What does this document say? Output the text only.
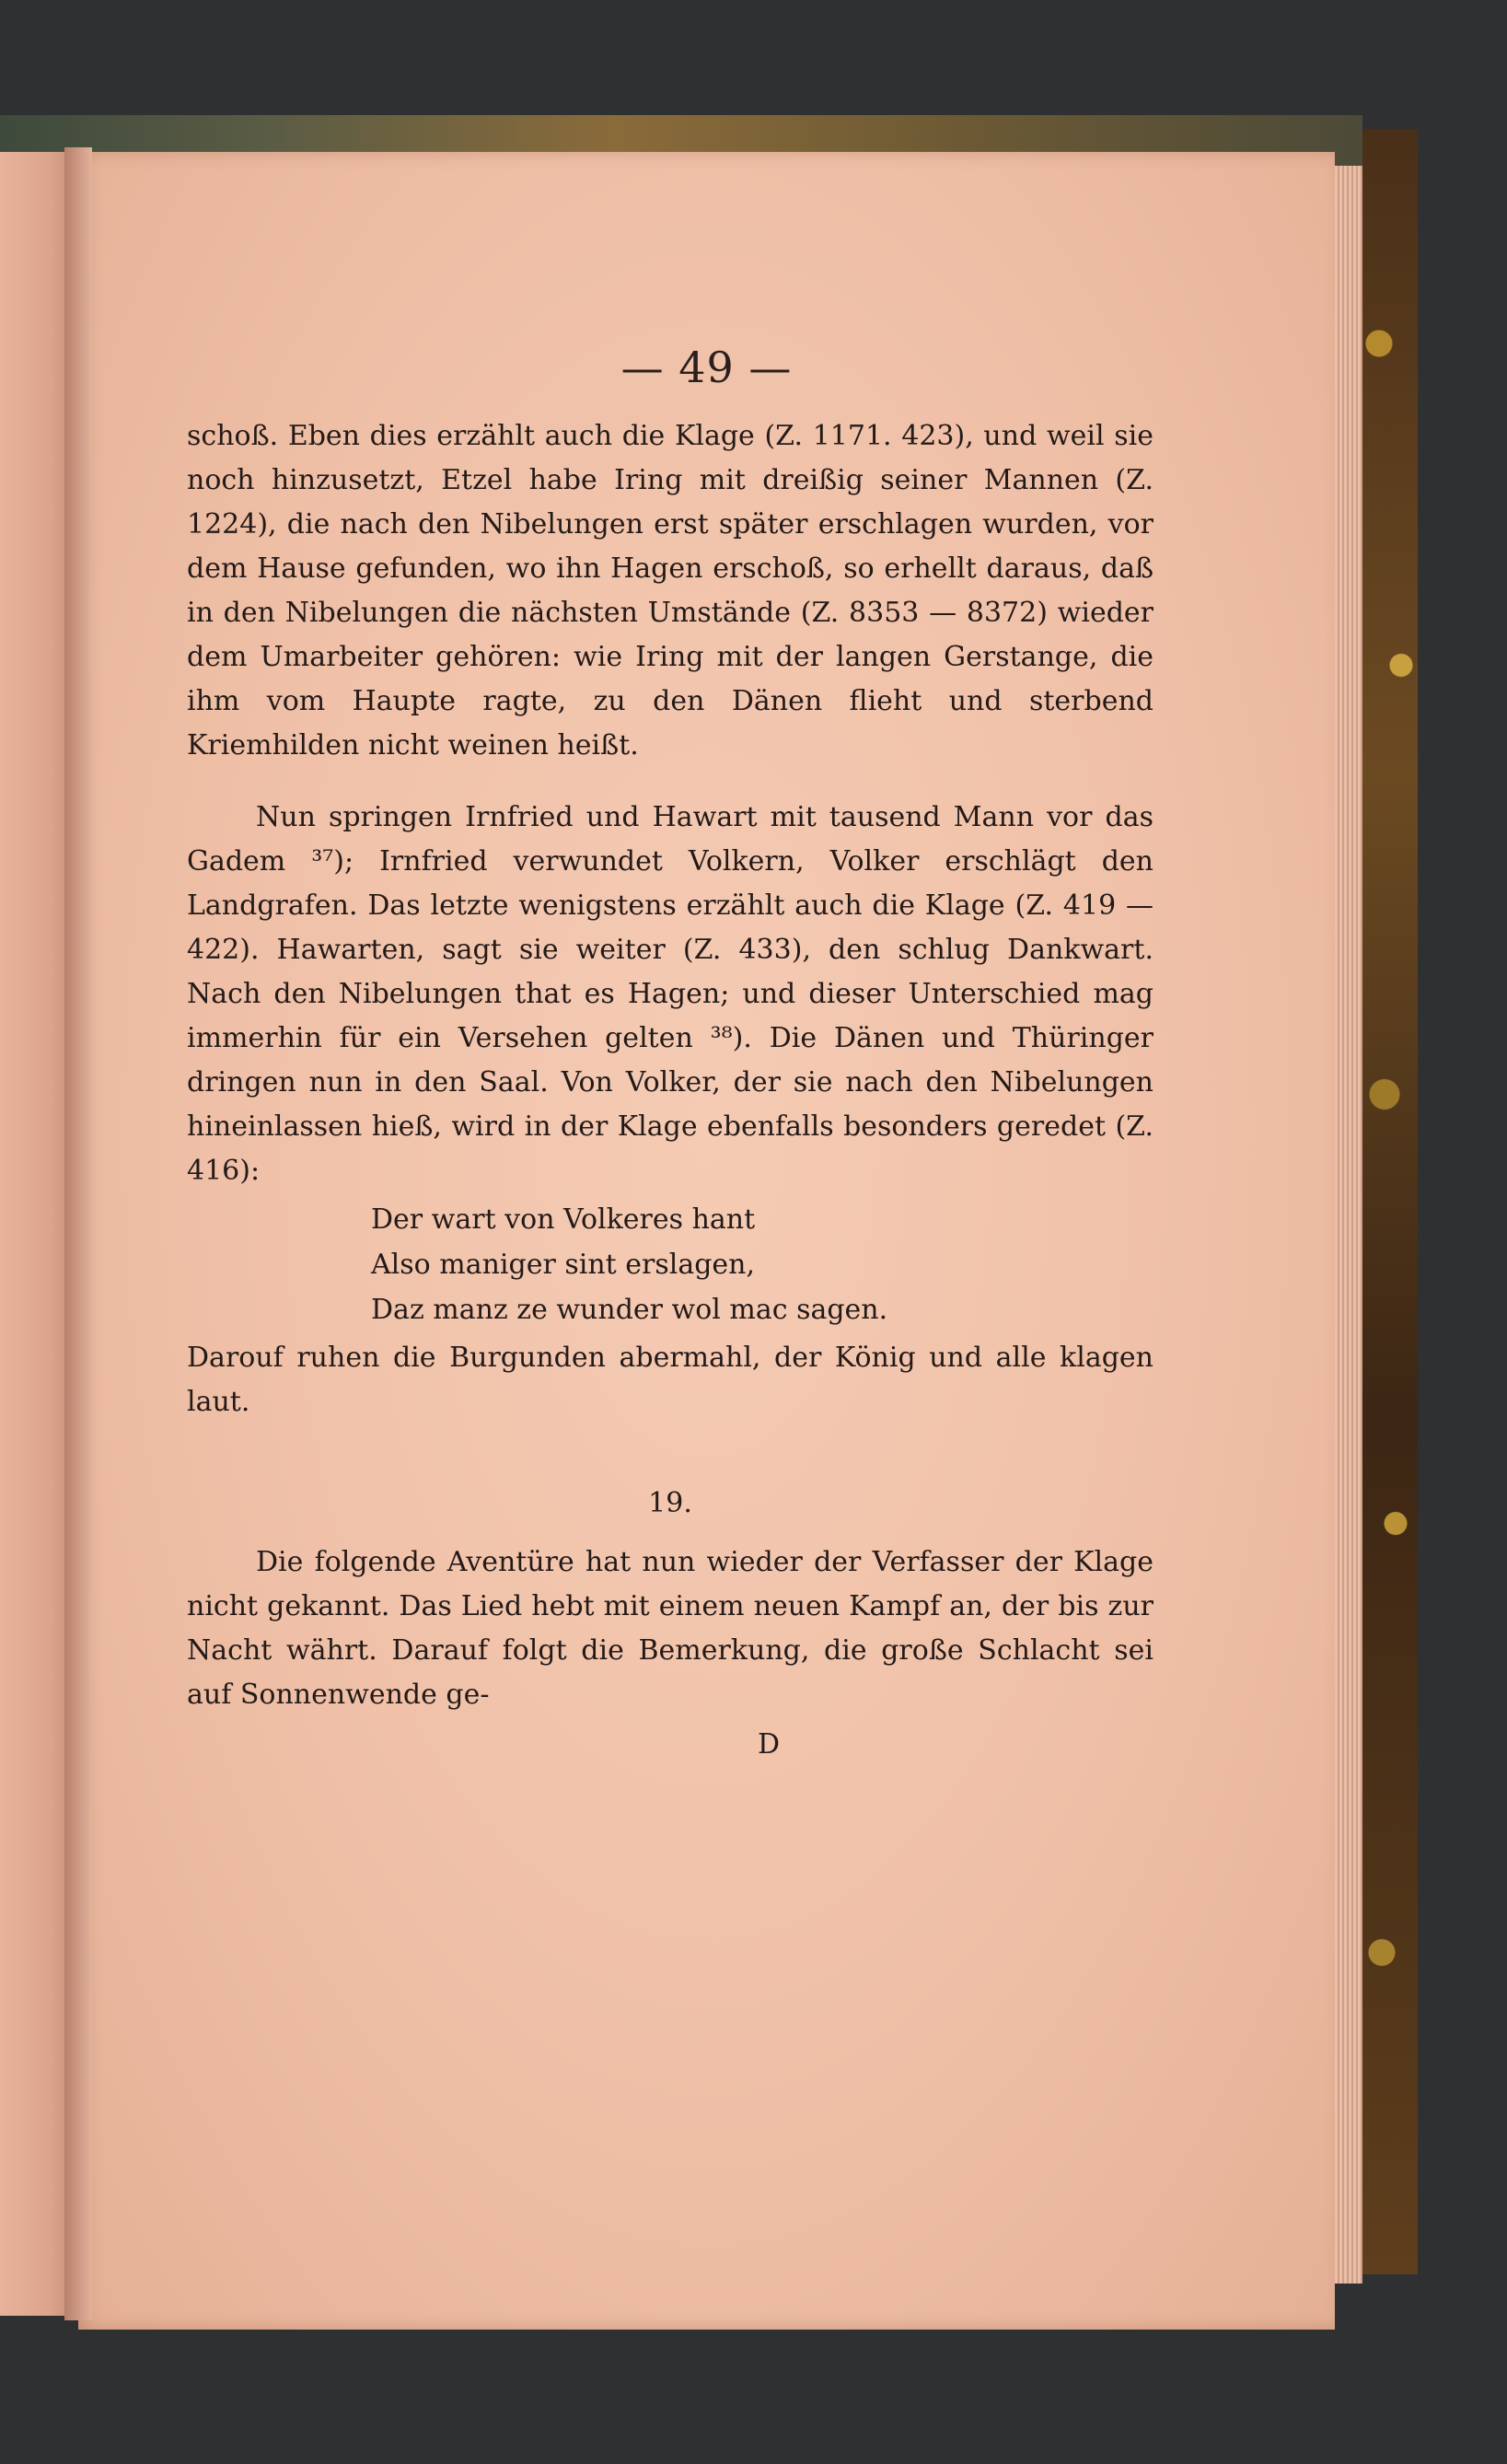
— 49 —

schoß. Eben dies erzählt auch die Klage (Z. 1171. 423), und weil sie noch hinzusetzt, Etzel habe Iring mit dreißig seiner Mannen (Z. 1224), die nach den Nibelungen erst später erschlagen wurden, vor dem Hause gefunden, wo ihn Hagen erschoß, so erhellt daraus, daß in den Nibelungen die nächsten Umstände (Z. 8353 — 8372) wieder dem Umarbeiter gehören: wie Iring mit der langen Gerstange, die ihm vom Haupte ragte, zu den Dänen flieht und sterbend Kriemhilden nicht weinen heißt.

Nun springen Irnfried und Hawart mit tausend Mann vor das Gadem ³⁷); Irnfried verwundet Volkern, Volker erschlägt den Landgrafen. Das letzte wenigstens erzählt auch die Klage (Z. 419 — 422). Hawarten, sagt sie weiter (Z. 433), den schlug Dankwart. Nach den Nibelungen that es Hagen; und dieser Unterschied mag immerhin für ein Versehen gelten ³⁸). Die Dänen und Thüringer dringen nun in den Saal. Von Volker, der sie nach den Nibelungen hineinlassen hieß, wird in der Klage ebenfalls besonders geredet (Z. 416):

Der wart von Volkeres hant
Also maniger sint erslagen,
Daz manz ze wunder wol mac sagen.

Darouf ruhen die Burgunden abermahl, der König und alle klagen laut.

19.

Die folgende Aventüre hat nun wieder der Verfasser der Klage nicht gekannt. Das Lied hebt mit einem neuen Kampf an, der bis zur Nacht währt. Darauf folgt die Bemerkung, die große Schlacht sei auf Sonnenwende ge-

D
